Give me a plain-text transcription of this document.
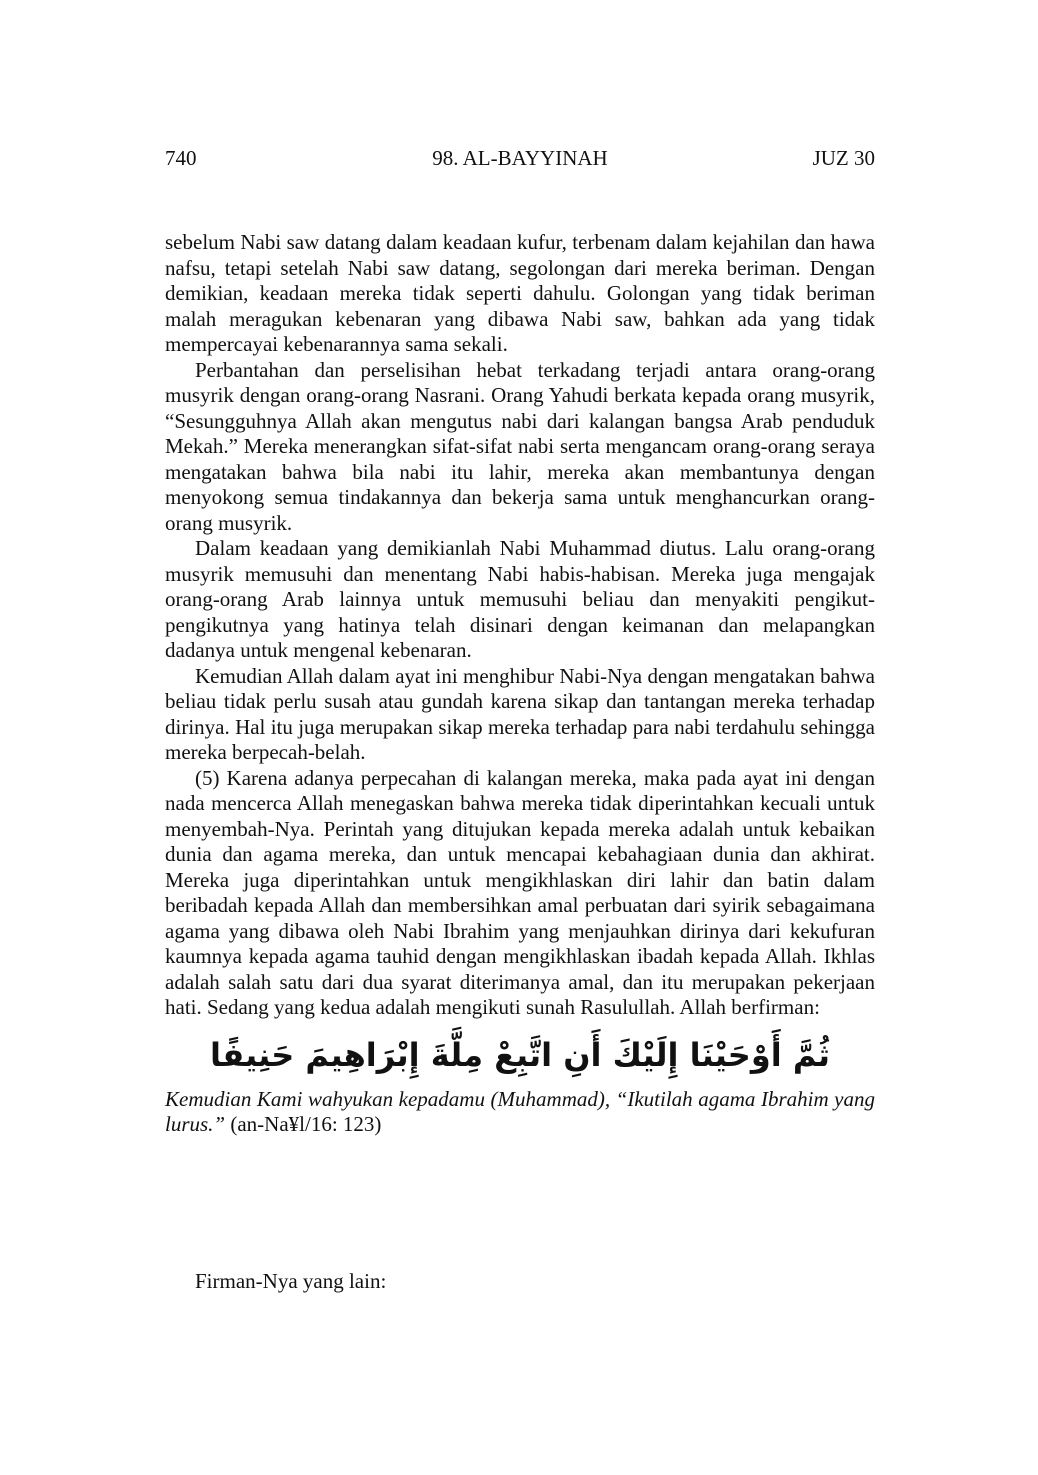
740	98. AL-BAYYINAH	JUZ 30

sebelum Nabi saw datang dalam keadaan kufur, terbenam dalam kejahilan dan hawa nafsu, tetapi setelah Nabi saw datang, segolongan dari mereka beriman. Dengan demikian, keadaan mereka tidak seperti dahulu. Golongan yang tidak beriman malah meragukan kebenaran yang dibawa Nabi saw, bahkan ada yang tidak mempercayai kebenarannya sama sekali.

Perbantahan dan perselisihan hebat terkadang terjadi antara orang-orang musyrik dengan orang-orang Nasrani. Orang Yahudi berkata kepada orang musyrik, “Sesungguhnya Allah akan mengutus nabi dari kalangan bangsa Arab penduduk Mekah.” Mereka menerangkan sifat-sifat nabi serta mengancam orang-orang seraya mengatakan bahwa bila nabi itu lahir, mereka akan membantunya dengan menyokong semua tindakannya dan bekerja sama untuk menghancurkan orang-orang musyrik.

Dalam keadaan yang demikianlah Nabi Muhammad diutus. Lalu orang-orang musyrik memusuhi dan menentang Nabi habis-habisan. Mereka juga mengajak orang-orang Arab lainnya untuk memusuhi beliau dan menyakiti pengikut-pengikutnya yang hatinya telah disinari dengan keimanan dan melapangkan dadanya untuk mengenal kebenaran.

Kemudian Allah dalam ayat ini menghibur Nabi-Nya dengan mengatakan bahwa beliau tidak perlu susah atau gundah karena sikap dan tantangan mereka terhadap dirinya. Hal itu juga merupakan sikap mereka terhadap para nabi terdahulu sehingga mereka berpecah-belah.

(5) Karena adanya perpecahan di kalangan mereka, maka pada ayat ini dengan nada mencerca Allah menegaskan bahwa mereka tidak diperintahkan kecuali untuk menyembah-Nya. Perintah yang ditujukan kepada mereka adalah untuk kebaikan dunia dan agama mereka, dan untuk mencapai kebahagiaan dunia dan akhirat. Mereka juga diperintahkan untuk mengikhlaskan diri lahir dan batin dalam beribadah kepada Allah dan membersihkan amal perbuatan dari syirik sebagaimana agama yang dibawa oleh Nabi Ibrahim yang menjauhkan dirinya dari kekufuran kaumnya kepada agama tauhid dengan mengikhlaskan ibadah kepada Allah. Ikhlas adalah salah satu dari dua syarat diterimanya amal, dan itu merupakan pekerjaan hati. Sedang yang kedua adalah mengikuti sunah Rasulullah. Allah berfirman:

ثُمَّ أَوْحَيْنَا إِلَيْكَ أَنِ اتَّبِعْ مِلَّةَ إِبْرَاهِيمَ حَنِيفًا

Kemudian Kami wahyukan kepadamu (Muhammad), “Ikutilah agama Ibrahim yang lurus.” (an-Na¥l/16: 123)

Firman-Nya yang lain:
